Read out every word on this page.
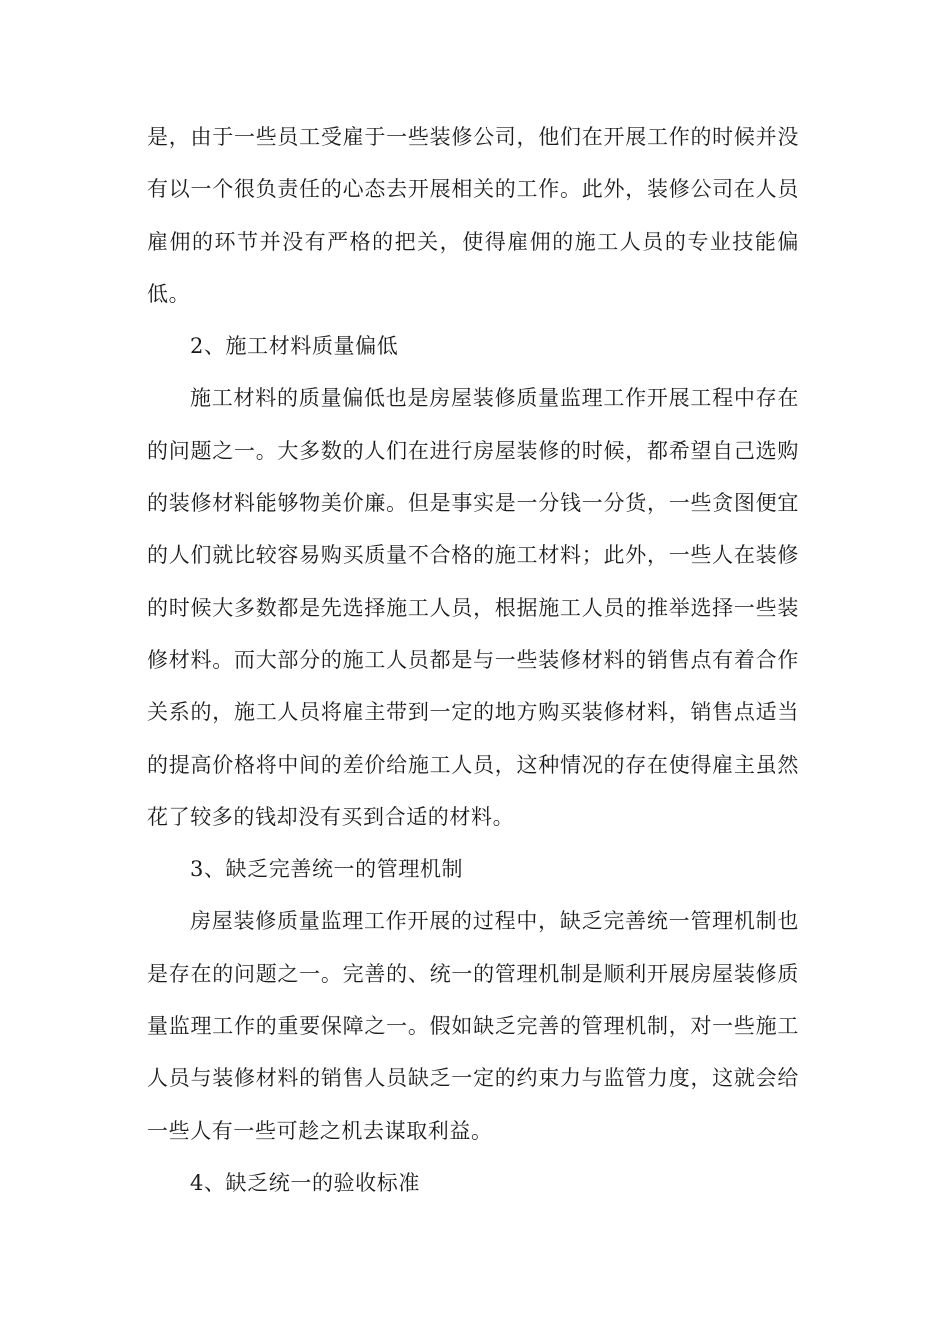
是，由于一些员工受雇于一些装修公司，他们在开展工作的时候并没有以一个很负责任的心态去开展相关的工作。此外，装修公司在人员雇佣的环节并没有严格的把关，使得雇佣的施工人员的专业技能偏低。

2、施工材料质量偏低

施工材料的质量偏低也是房屋装修质量监理工作开展工程中存在的问题之一。大多数的人们在进行房屋装修的时候，都希望自己选购的装修材料能够物美价廉。但是事实是一分钱一分货，一些贪图便宜的人们就比较容易购买质量不合格的施工材料；此外，一些人在装修的时候大多数都是先选择施工人员，根据施工人员的推举选择一些装修材料。而大部分的施工人员都是与一些装修材料的销售点有着合作关系的，施工人员将雇主带到一定的地方购买装修材料，销售点适当的提高价格将中间的差价给施工人员，这种情况的存在使得雇主虽然花了较多的钱却没有买到合适的材料。

3、缺乏完善统一的管理机制

房屋装修质量监理工作开展的过程中，缺乏完善统一管理机制也是存在的问题之一。完善的、统一的管理机制是顺利开展房屋装修质量监理工作的重要保障之一。假如缺乏完善的管理机制，对一些施工人员与装修材料的销售人员缺乏一定的约束力与监管力度，这就会给一些人有一些可趁之机去谋取利益。

4、缺乏统一的验收标准
